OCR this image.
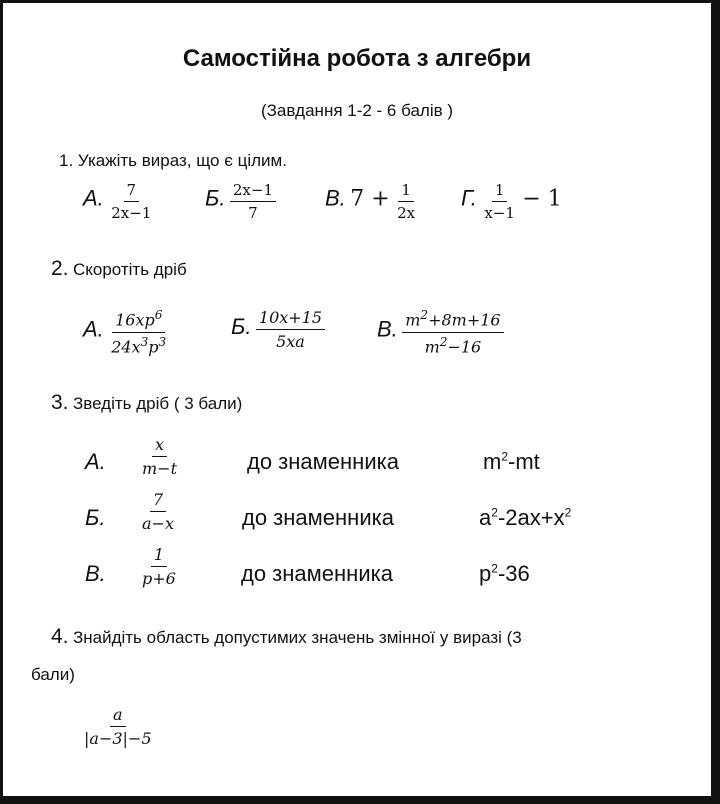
Самостійна робота з алгебри
(Завдання 1-2 - 6 балів )
1. Укажіть вираз, що є цілим.
А. $\frac{7}{2x-1} Б$. $\frac{2x-1}{7} В$. $7 + \frac{1}{2x} Г$. $\frac{1}{x-1} - 1$
2. Скоротіть дріб
А. $\frac{16xp^6}{24x^3p^3}$	Б. $\frac{10x+15}{5xa} В$. $\frac{m^2+8m+16}{m^2-16}$
3. Зведіть дріб ( 3 бали)
А. $\frac{x}{m-t}$	до знаменника	$m^2-mt$
Б. $\frac{7}{a-x}$	до знаменника	$a^2-2ax+x^2$
В. $\frac{1}{p+6}$	до знаменника	$p^2-36$
4. Знайдіть область допустимих значень змінної у виразі (3
бали)
$\frac{a}{|a-3|-5}$
